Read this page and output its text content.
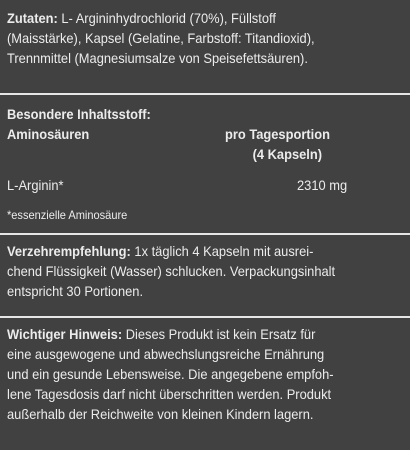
Zutaten: L- Argininhydrochlorid (70%), Füllstoff
(Maisstärke), Kapsel (Gelatine, Farbstoff: Titandioxid),
Trennmittel (Magnesiumsalze von Speisefettsäuren).
Besondere Inhaltsstoff:
Aminosäuren	pro Tagesportion
(4 Kapseln)
L-Arginin*	2310 mg
*essenzielle Aminosäure
Verzehrempfehlung: 1x täglich 4 Kapseln mit ausrei-
chend Flüssigkeit (Wasser) schlucken. Verpackungsinhalt
entspricht 30 Portionen.
Wichtiger Hinweis: Dieses Produkt ist kein Ersatz für
eine ausgewogene und abwechslungsreiche Ernährung
und ein gesunde Lebensweise. Die angegebene empfoh-
lene Tagesdosis darf nicht überschritten werden. Produkt
außerhalb der Reichweite von kleinen Kindern lagern.
